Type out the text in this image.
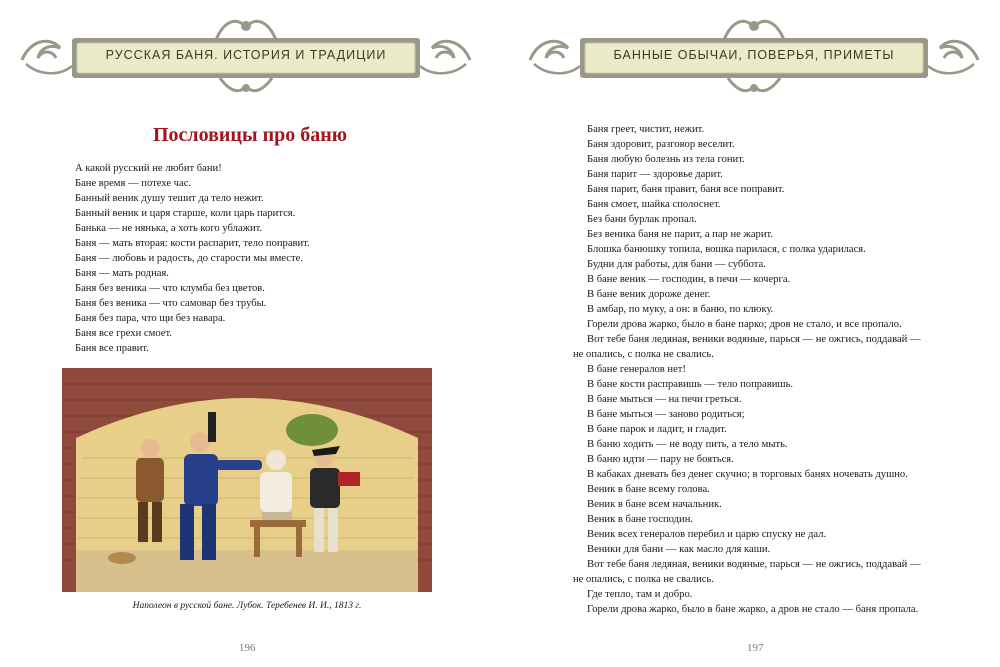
РУССКАЯ БАНЯ. ИСТОРИЯ И ТРАДИЦИИ
Пословицы про баню
А какой русский не любит бани!
Бане время — потехе час.
Банный веник душу тешит да тело нежит.
Банный веник и царя старше, коли царь парится.
Банька — не нянька, а хоть кого ублажит.
Баня — мать вторая: кости распарит, тело поправит.
Баня — любовь и радость, до старости мы вместе.
Баня — мать родная.
Баня без веника — что клумба без цветов.
Баня без веника — что самовар без трубы.
Баня без пара, что щи без навара.
Баня все грехи смоет.
Баня все правит.
Наполеон в русской бане. Лубок. Теребенев И. И., 1813 г.
196
БАННЫЕ ОБЫЧАИ, ПОВЕРЬЯ, ПРИМЕТЫ
Баня греет, чистит, нежит.
Баня здоровит, разговор веселит.
Баня любую болезнь из тела гонит.
Баня парит — здоровье дарит.
Баня парит, баня правит, баня все поправит.
Баня смоет, шайка сполоснет.
Без бани бурлак пропал.
Без веника баня не парит, а пар не жарит.
Блошка банюшку топила, вошка парилася, с полка ударилася.
Будни для работы, для бани — суббота.
В бане веник — господин, в печи — кочерга.
В бане веник дороже денег.
В амбар, по муку, а он: в баню, по клюку.
Горели дрова жарко, было в бане парко; дров не стало, и все пропало.
Вот тебе баня ледяная, веники водяные, парься — не ожгись, поддавай —
не опались, с полка не свались.
В бане генералов нет!
В бане кости расправишь — тело поправишь.
В бане мыться — на печи греться.
В бане мыться — заново родиться;
В бане парок и ладит, и гладит.
В баню ходить — не воду пить, а тело мыть.
В баню идти — пару не бояться.
В кабаках дневать без денег скучно; в торговых банях ночевать душно.
Веник в бане всему голова.
Веник в бане всем начальник.
Веник в бане господин.
Веник всех генералов перебил и царю спуску не дал.
Веники для бани — как масло для каши.
Вот тебе баня ледяная, веники водяные, парься — не ожгись, поддавай —
не опались, с полка не свались.
Где тепло, там и добро.
Горели дрова жарко, было в бане жарко, а дров не стало — баня пропала.
197
